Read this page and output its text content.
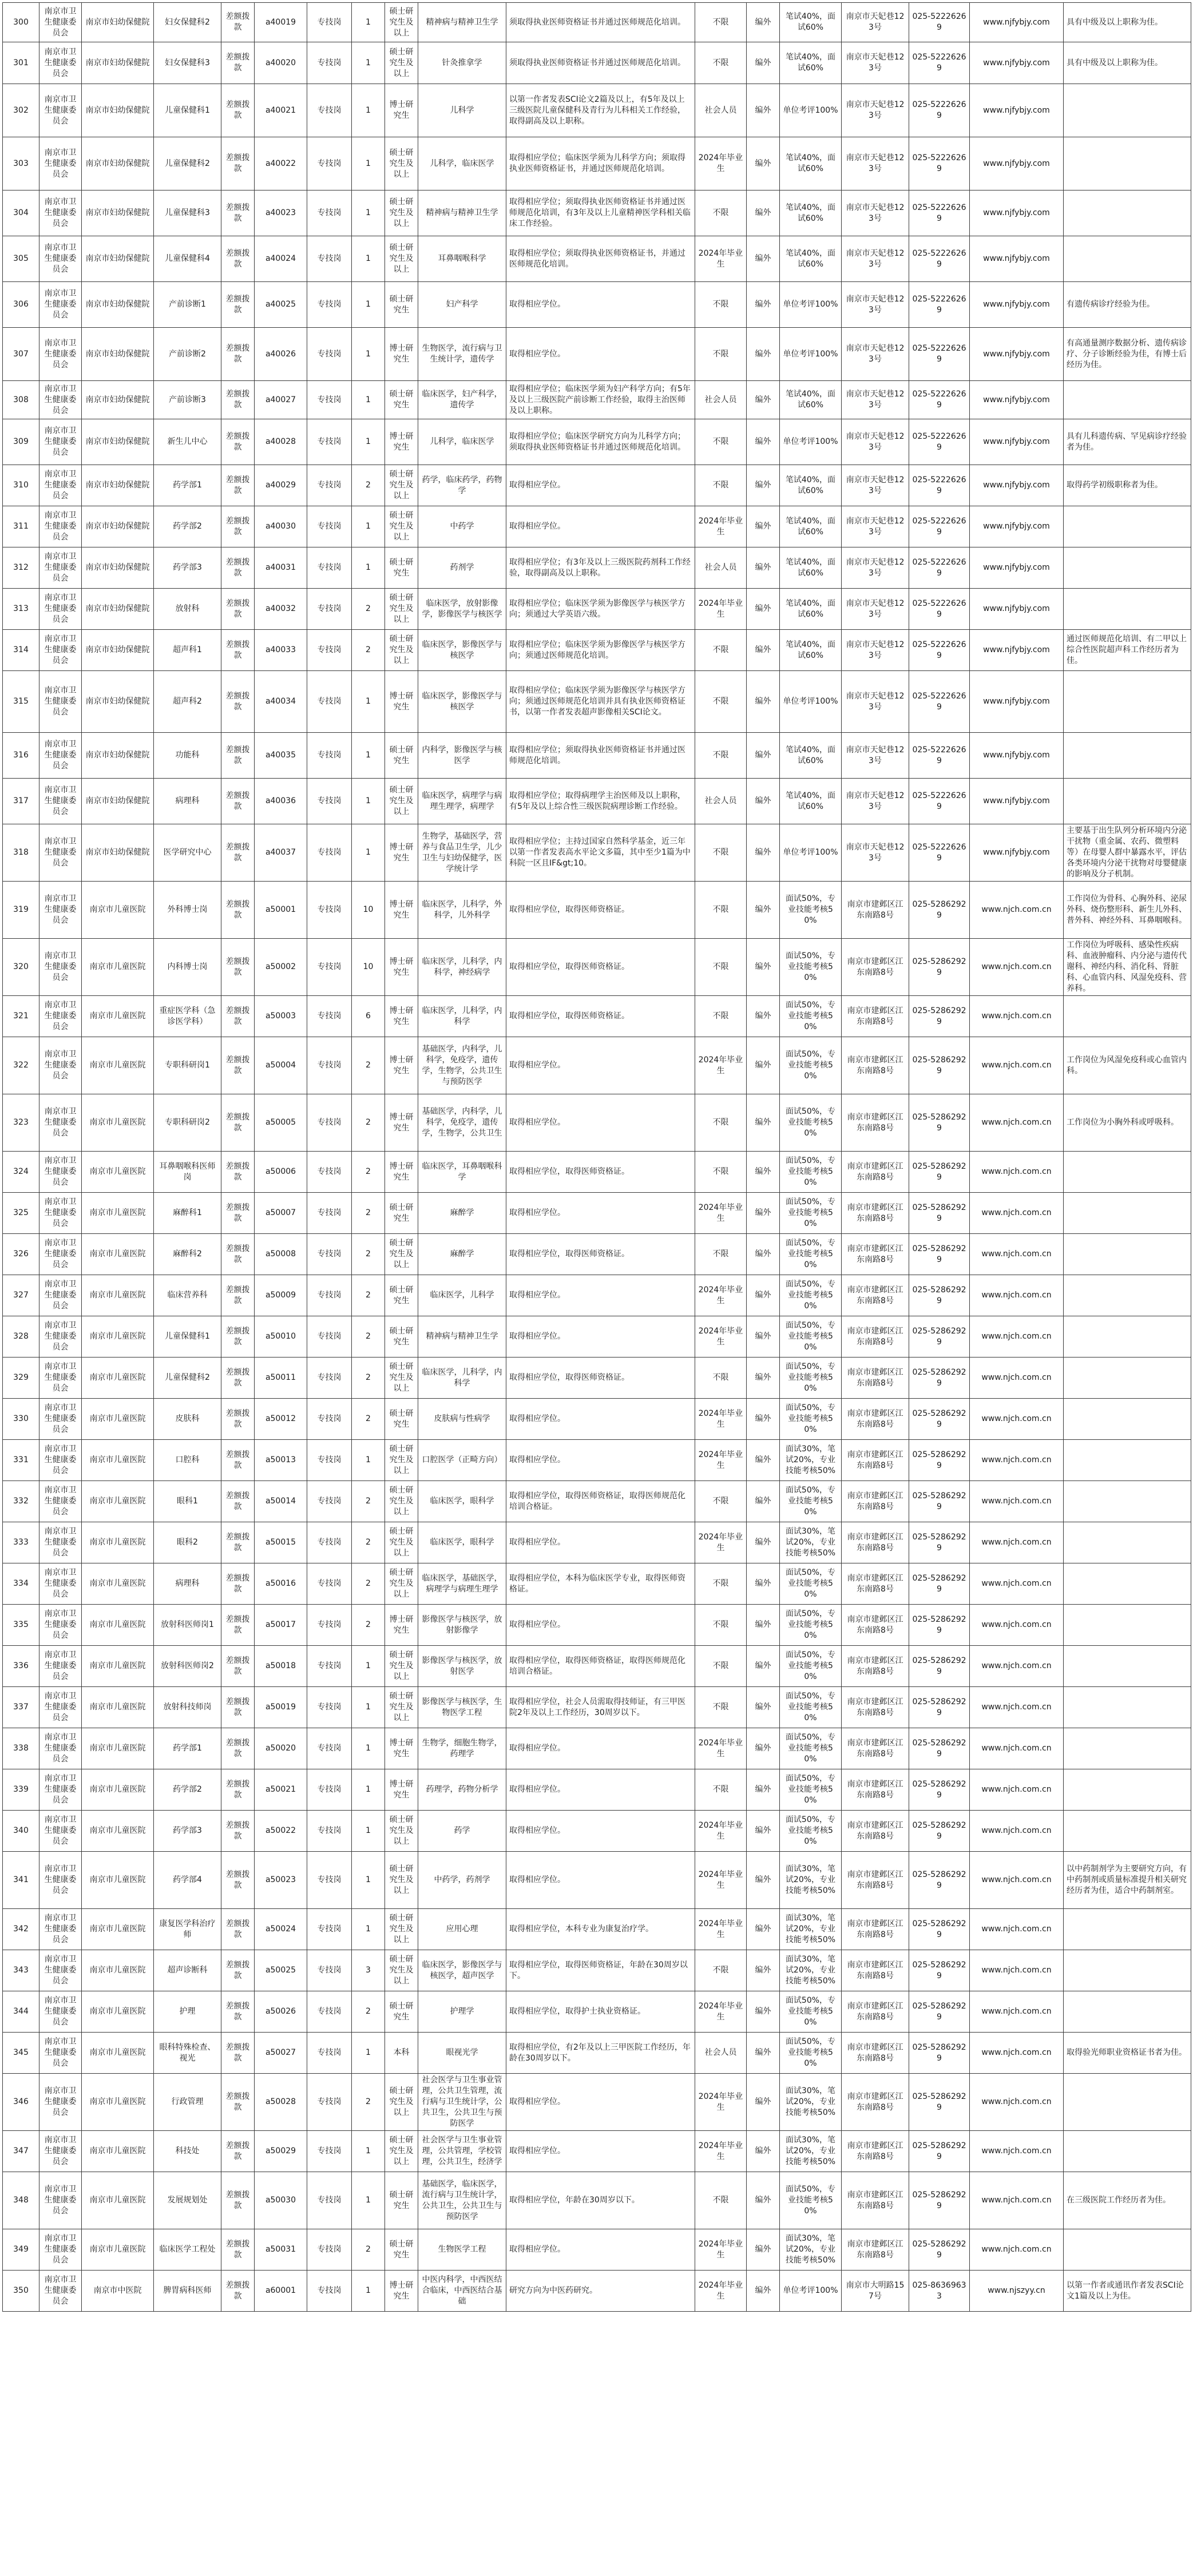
300	南京市卫生健康委员会	南京市妇幼保健院	妇女保健科2	差额拨款	a40019	专技岗	1	硕士研究生及以上	精神病与精神卫生学	须取得执业医师资格证书并通过医师规范化培训。	不限	编外	笔试40%，面试60%	南京市天妃巷123号	025-52226269	www.njfybjy.com	具有中级及以上职称为佳。
301	南京市卫生健康委员会	南京市妇幼保健院	妇女保健科3	差额拨款	a40020	专技岗	1	硕士研究生及以上	针灸推拿学	须取得执业医师资格证书并通过医师规范化培训。	不限	编外	笔试40%，面试60%	南京市天妃巷123号	025-52226269	www.njfybjy.com	具有中级及以上职称为佳。
302	南京市卫生健康委员会	南京市妇幼保健院	儿童保健科1	差额拨款	a40021	专技岗	1	博士研究生	儿科学	以第一作者发表SCI论文2篇及以上，有5年及以上三级医院儿童保健科及青行为儿科相关工作经验，取得副高及以上职称。	社会人员	编外	单位考评100%	南京市天妃巷123号	025-52226269	www.njfybjy.com	
303	南京市卫生健康委员会	南京市妇幼保健院	儿童保健科2	差额拨款	a40022	专技岗	1	硕士研究生及以上	儿科学，临床医学	取得相应学位；临床医学须为儿科学方向；须取得执业医师资格证书，并通过医师规范化培训。	2024年毕业生	编外	笔试40%，面试60%	南京市天妃巷123号	025-52226269	www.njfybjy.com	
304	南京市卫生健康委员会	南京市妇幼保健院	儿童保健科3	差额拨款	a40023	专技岗	1	硕士研究生及以上	精神病与精神卫生学	取得相应学位；须取得执业医师资格证书并通过医师规范化培训，有3年及以上儿童精神医学科相关临床工作经验。	不限	编外	笔试40%，面试60%	南京市天妃巷123号	025-52226269	www.njfybjy.com	
305	南京市卫生健康委员会	南京市妇幼保健院	儿童保健科4	差额拨款	a40024	专技岗	1	硕士研究生及以上	耳鼻咽喉科学	取得相应学位；须取得执业医师资格证书，并通过医师规范化培训。	2024年毕业生	编外	笔试40%，面试60%	南京市天妃巷123号	025-52226269	www.njfybjy.com	
306	南京市卫生健康委员会	南京市妇幼保健院	产前诊断1	差额拨款	a40025	专技岗	1	硕士研究生	妇产科学	取得相应学位。	不限	编外	单位考评100%	南京市天妃巷123号	025-52226269	www.njfybjy.com	有遗传病诊疗经验为佳。
307	南京市卫生健康委员会	南京市妇幼保健院	产前诊断2	差额拨款	a40026	专技岗	1	博士研究生	生物医学，流行病与卫生统计学，遗传学	取得相应学位。	不限	编外	单位考评100%	南京市天妃巷123号	025-52226269	www.njfybjy.com	有高通量测序数据分析、遗传病诊疗、分子诊断经验为佳，有博士后经历为佳。
308	南京市卫生健康委员会	南京市妇幼保健院	产前诊断3	差额拨款	a40027	专技岗	1	硕士研究生	临床医学，妇产科学，遗传学	取得相应学位；临床医学须为妇产科学方向；有5年及以上三级医院产前诊断工作经验，取得主治医师及以上职称。	社会人员	编外	笔试40%，面试60%	南京市天妃巷123号	025-52226269	www.njfybjy.com	
309	南京市卫生健康委员会	南京市妇幼保健院	新生儿中心	差额拨款	a40028	专技岗	1	博士研究生	儿科学，临床医学	取得相应学位；临床医学研究方向为儿科学方向；须取得执业医师资格证书并通过医师规范化培训。	不限	编外	单位考评100%	南京市天妃巷123号	025-52226269	www.njfybjy.com	具有儿科遗传病、罕见病诊疗经验者为佳。
310	南京市卫生健康委员会	南京市妇幼保健院	药学部1	差额拨款	a40029	专技岗	2	硕士研究生及以上	药学，临床药学，药物学	取得相应学位。	不限	编外	笔试40%，面试60%	南京市天妃巷123号	025-52226269	www.njfybjy.com	取得药学初级职称者为佳。
311	南京市卫生健康委员会	南京市妇幼保健院	药学部2	差额拨款	a40030	专技岗	1	硕士研究生及以上	中药学	取得相应学位。	2024年毕业生	编外	笔试40%，面试60%	南京市天妃巷123号	025-52226269	www.njfybjy.com	
312	南京市卫生健康委员会	南京市妇幼保健院	药学部3	差额拨款	a40031	专技岗	1	硕士研究生	药剂学	取得相应学位；有3年及以上三级医院药剂科工作经验，取得副高及以上职称。	社会人员	编外	笔试40%，面试60%	南京市天妃巷123号	025-52226269	www.njfybjy.com	
313	南京市卫生健康委员会	南京市妇幼保健院	放射科	差额拨款	a40032	专技岗	2	硕士研究生及以上	临床医学，放射影像学，影像医学与核医学	取得相应学位；临床医学须为影像医学与核医学方向；须通过大学英语六级。	2024年毕业生	编外	笔试40%，面试60%	南京市天妃巷123号	025-52226269	www.njfybjy.com	
314	南京市卫生健康委员会	南京市妇幼保健院	超声科1	差额拨款	a40033	专技岗	2	硕士研究生及以上	临床医学，影像医学与核医学	取得相应学位；临床医学须为影像医学与核医学方向；须通过医师规范化培训。	不限	编外	笔试40%，面试60%	南京市天妃巷123号	025-52226269	www.njfybjy.com	通过医师规范化培训、有二甲以上综合性医院超声科工作经历者为佳。
315	南京市卫生健康委员会	南京市妇幼保健院	超声科2	差额拨款	a40034	专技岗	1	博士研究生	临床医学，影像医学与核医学	取得相应学位；临床医学须为影像医学与核医学方向；须通过医师规范化培训并具有执业医师资格证书，以第一作者发表超声影像相关SCI论文。	不限	编外	单位考评100%	南京市天妃巷123号	025-52226269	www.njfybjy.com	
316	南京市卫生健康委员会	南京市妇幼保健院	功能科	差额拨款	a40035	专技岗	1	硕士研究生	内科学，影像医学与核医学	取得相应学位；须取得执业医师资格证书并通过医师规范化培训。	不限	编外	笔试40%，面试60%	南京市天妃巷123号	025-52226269	www.njfybjy.com	
317	南京市卫生健康委员会	南京市妇幼保健院	病理科	差额拨款	a40036	专技岗	1	硕士研究生及以上	临床医学，病理学与病理生理学，病理学	取得相应学位；取得病理学主治医师及以上职称，有5年及以上综合性三级医院病理诊断工作经验。	社会人员	编外	笔试40%，面试60%	南京市天妃巷123号	025-52226269	www.njfybjy.com	
318	南京市卫生健康委员会	南京市妇幼保健院	医学研究中心	差额拨款	a40037	专技岗	1	博士研究生	生物学，基础医学，营养与食品卫生学，儿少卫生与妇幼保健学，医学统计学	取得相应学位；主持过国家自然科学基金，近三年以第一作者发表高水平论文多篇，其中至少1篇为中科院一区且IF&gt;10。	不限	编外	单位考评100%	南京市天妃巷123号	025-52226269	www.njfybjy.com	主要基于出生队列分析环境内分泌干扰物（重金属、农药、微塑料等）在母婴人群中暴露水平，评估各类环境内分泌干扰物对母婴健康的影响及分子机制。
319	南京市卫生健康委员会	南京市儿童医院	外科博士岗	差额拨款	a50001	专技岗	10	博士研究生	临床医学，儿科学，外科学，儿外科学	取得相应学位，取得医师资格证。	不限	编外	面试50%，专业技能考核50%	南京市建邺区江东南路8号	025-52862929	www.njch.com.cn	工作岗位为骨科、心胸外科、泌尿外科、烧伤整形科、新生儿外科、普外科、神经外科、耳鼻咽喉科。
320	南京市卫生健康委员会	南京市儿童医院	内科博士岗	差额拨款	a50002	专技岗	10	博士研究生	临床医学，儿科学，内科学，神经病学	取得相应学位，取得医师资格证。	不限	编外	面试50%，专业技能考核50%	南京市建邺区江东南路8号	025-52862929	www.njch.com.cn	工作岗位为呼吸科、感染性疾病科、血液肿瘤科、内分泌与遗传代谢科、神经内科、消化科、肾脏科、心血管内科、风湿免疫科、营养科。
321	南京市卫生健康委员会	南京市儿童医院	重症医学科（急诊医学科）	差额拨款	a50003	专技岗	6	博士研究生	临床医学，儿科学，内科学	取得相应学位，取得医师资格证。	不限	编外	面试50%，专业技能考核50%	南京市建邺区江东南路8号	025-52862929	www.njch.com.cn	
322	南京市卫生健康委员会	南京市儿童医院	专职科研岗1	差额拨款	a50004	专技岗	2	博士研究生	基础医学，内科学，儿科学，免疫学，遗传学，生物学，公共卫生与预防医学	取得相应学位。	2024年毕业生	编外	面试50%，专业技能考核50%	南京市建邺区江东南路8号	025-52862929	www.njch.com.cn	工作岗位为风湿免疫科或心血管内科。
323	南京市卫生健康委员会	南京市儿童医院	专职科研岗2	差额拨款	a50005	专技岗	2	博士研究生	基础医学，内科学，儿科学，免疫学，遗传学，生物学，公共卫生	取得相应学位。	不限	编外	面试50%，专业技能考核50%	南京市建邺区江东南路8号	025-52862929	www.njch.com.cn	工作岗位为小胸外科或呼吸科。
324	南京市卫生健康委员会	南京市儿童医院	耳鼻咽喉科医师岗	差额拨款	a50006	专技岗	2	博士研究生	临床医学，耳鼻咽喉科学	取得相应学位，取得医师资格证。	不限	编外	面试50%，专业技能考核50%	南京市建邺区江东南路8号	025-52862929	www.njch.com.cn	
325	南京市卫生健康委员会	南京市儿童医院	麻醉科1	差额拨款	a50007	专技岗	2	硕士研究生	麻醉学	取得相应学位。	2024年毕业生	编外	面试50%，专业技能考核50%	南京市建邺区江东南路8号	025-52862929	www.njch.com.cn	
326	南京市卫生健康委员会	南京市儿童医院	麻醉科2	差额拨款	a50008	专技岗	2	硕士研究生及以上	麻醉学	取得相应学位，取得医师资格证。	不限	编外	面试50%，专业技能考核50%	南京市建邺区江东南路8号	025-52862929	www.njch.com.cn	
327	南京市卫生健康委员会	南京市儿童医院	临床营养科	差额拨款	a50009	专技岗	2	硕士研究生	临床医学，儿科学	取得相应学位。	2024年毕业生	编外	面试50%，专业技能考核50%	南京市建邺区江东南路8号	025-52862929	www.njch.com.cn	
328	南京市卫生健康委员会	南京市儿童医院	儿童保健科1	差额拨款	a50010	专技岗	2	硕士研究生	精神病与精神卫生学	取得相应学位。	2024年毕业生	编外	面试50%，专业技能考核50%	南京市建邺区江东南路8号	025-52862929	www.njch.com.cn	
329	南京市卫生健康委员会	南京市儿童医院	儿童保健科2	差额拨款	a50011	专技岗	2	硕士研究生及以上	临床医学，儿科学，内科学	取得相应学位，取得医师资格证。	不限	编外	面试50%，专业技能考核50%	南京市建邺区江东南路8号	025-52862929	www.njch.com.cn	
330	南京市卫生健康委员会	南京市儿童医院	皮肤科	差额拨款	a50012	专技岗	2	硕士研究生	皮肤病与性病学	取得相应学位。	2024年毕业生	编外	面试50%，专业技能考核50%	南京市建邺区江东南路8号	025-52862929	www.njch.com.cn	
331	南京市卫生健康委员会	南京市儿童医院	口腔科	差额拨款	a50013	专技岗	1	硕士研究生及以上	口腔医学（正畸方向）	取得相应学位。	2024年毕业生	编外	面试30%，笔试20%，专业技能考核50%	南京市建邺区江东南路8号	025-52862929	www.njch.com.cn	
332	南京市卫生健康委员会	南京市儿童医院	眼科1	差额拨款	a50014	专技岗	2	硕士研究生及以上	临床医学，眼科学	取得相应学位，取得医师资格证，取得医师规范化培训合格证。	不限	编外	面试50%，专业技能考核50%	南京市建邺区江东南路8号	025-52862929	www.njch.com.cn	
333	南京市卫生健康委员会	南京市儿童医院	眼科2	差额拨款	a50015	专技岗	2	硕士研究生及以上	临床医学，眼科学	取得相应学位。	2024年毕业生	编外	面试30%，笔试20%，专业技能考核50%	南京市建邺区江东南路8号	025-52862929	www.njch.com.cn	
334	南京市卫生健康委员会	南京市儿童医院	病理科	差额拨款	a50016	专技岗	2	硕士研究生及以上	临床医学，基础医学，病理学与病理生理学	取得相应学位，本科为临床医学专业，取得医师资格证。	不限	编外	面试50%，专业技能考核50%	南京市建邺区江东南路8号	025-52862929	www.njch.com.cn	
335	南京市卫生健康委员会	南京市儿童医院	放射科医师岗1	差额拨款	a50017	专技岗	2	博士研究生	影像医学与核医学，放射影像学	取得相应学位。	不限	编外	面试50%，专业技能考核50%	南京市建邺区江东南路8号	025-52862929	www.njch.com.cn	
336	南京市卫生健康委员会	南京市儿童医院	放射科医师岗2	差额拨款	a50018	专技岗	1	硕士研究生及以上	影像医学与核医学，放射医学	取得相应学位，取得医师资格证，取得医师规范化培训合格证。	不限	编外	面试50%，专业技能考核50%	南京市建邺区江东南路8号	025-52862929	www.njch.com.cn	
337	南京市卫生健康委员会	南京市儿童医院	放射科技师岗	差额拨款	a50019	专技岗	1	硕士研究生及以上	影像医学与核医学，生物医学工程	取得相应学位，社会人员需取得技师证，有三甲医院2年及以上工作经历，30周岁以下。	不限	编外	面试50%，专业技能考核50%	南京市建邺区江东南路8号	025-52862929	www.njch.com.cn	
338	南京市卫生健康委员会	南京市儿童医院	药学部1	差额拨款	a50020	专技岗	1	博士研究生	生物学，细胞生物学，药理学	取得相应学位。	2024年毕业生	编外	面试50%，专业技能考核50%	南京市建邺区江东南路8号	025-52862929	www.njch.com.cn	
339	南京市卫生健康委员会	南京市儿童医院	药学部2	差额拨款	a50021	专技岗	1	博士研究生	药理学，药物分析学	取得相应学位。	不限	编外	面试50%，专业技能考核50%	南京市建邺区江东南路8号	025-52862929	www.njch.com.cn	
340	南京市卫生健康委员会	南京市儿童医院	药学部3	差额拨款	a50022	专技岗	1	硕士研究生及以上	药学	取得相应学位。	2024年毕业生	编外	面试50%，专业技能考核50%	南京市建邺区江东南路8号	025-52862929	www.njch.com.cn	
341	南京市卫生健康委员会	南京市儿童医院	药学部4	差额拨款	a50023	专技岗	1	硕士研究生及以上	中药学，药剂学	取得相应学位。	2024年毕业生	编外	面试30%，笔试20%，专业技能考核50%	南京市建邺区江东南路8号	025-52862929	www.njch.com.cn	以中药制剂学为主要研究方向，有中药制剂或质量标准提升相关研究经历者为佳，适合中药制剂室。
342	南京市卫生健康委员会	南京市儿童医院	康复医学科治疗师	差额拨款	a50024	专技岗	1	硕士研究生及以上	应用心理	取得相应学位，本科专业为康复治疗学。	2024年毕业生	编外	面试30%，笔试20%，专业技能考核50%	南京市建邺区江东南路8号	025-52862929	www.njch.com.cn	
343	南京市卫生健康委员会	南京市儿童医院	超声诊断科	差额拨款	a50025	专技岗	3	硕士研究生及以上	临床医学，影像医学与核医学，超声医学	取得相应学位，取得医师资格证，年龄在30周岁以下。	不限	编外	面试30%，笔试20%，专业技能考核50%	南京市建邺区江东南路8号	025-52862929	www.njch.com.cn	
344	南京市卫生健康委员会	南京市儿童医院	护理	差额拨款	a50026	专技岗	2	硕士研究生	护理学	取得相应学位，取得护士执业资格证。	2024年毕业生	编外	面试50%，专业技能考核50%	南京市建邺区江东南路8号	025-52862929	www.njch.com.cn	
345	南京市卫生健康委员会	南京市儿童医院	眼科特殊检查、视光	差额拨款	a50027	专技岗	1	本科	眼视光学	取得相应学位，有2年及以上三甲医院工作经历，年龄在30周岁以下。	社会人员	编外	面试50%，专业技能考核50%	南京市建邺区江东南路8号	025-52862929	www.njch.com.cn	取得验光师职业资格证书者为佳。
346	南京市卫生健康委员会	南京市儿童医院	行政管理	差额拨款	a50028	专技岗	2	硕士研究生及以上	社会医学与卫生事业管理，公共卫生管理，流行病与卫生统计学，公共卫生，公共卫生与预防医学	取得相应学位。	2024年毕业生	编外	面试30%，笔试20%，专业技能考核50%	南京市建邺区江东南路8号	025-52862929	www.njch.com.cn	
347	南京市卫生健康委员会	南京市儿童医院	科技处	差额拨款	a50029	专技岗	1	硕士研究生及以上	社会医学与卫生事业管理，公共管理，学校管理，公共卫生，经济学	取得相应学位。	2024年毕业生	编外	面试30%，笔试20%，专业技能考核50%	南京市建邺区江东南路8号	025-52862929	www.njch.com.cn	
348	南京市卫生健康委员会	南京市儿童医院	发展规划处	差额拨款	a50030	专技岗	1	硕士研究生	基础医学，临床医学，流行病与卫生统计学，公共卫生，公共卫生与预防医学	取得相应学位，年龄在30周岁以下。	不限	编外	面试50%，专业技能考核50%	南京市建邺区江东南路8号	025-52862929	www.njch.com.cn	在三级医院工作经历者为佳。
349	南京市卫生健康委员会	南京市儿童医院	临床医学工程处	差额拨款	a50031	专技岗	2	硕士研究生	生物医学工程	取得相应学位。	2024年毕业生	编外	面试30%，笔试20%，专业技能考核50%	南京市建邺区江东南路8号	025-52862929	www.njch.com.cn	
350	南京市卫生健康委员会	南京市中医院	脾胃病科医师	差额拨款	a60001	专技岗	1	博士研究生	中医内科学，中西医结合临床，中西医结合基础	研究方向为中医药研究。	2024年毕业生	编外	单位考评100%	南京市大明路157号	025-86369633	www.njszyy.cn	以第一作者或通讯作者发表SCI论文1篇及以上为佳。
